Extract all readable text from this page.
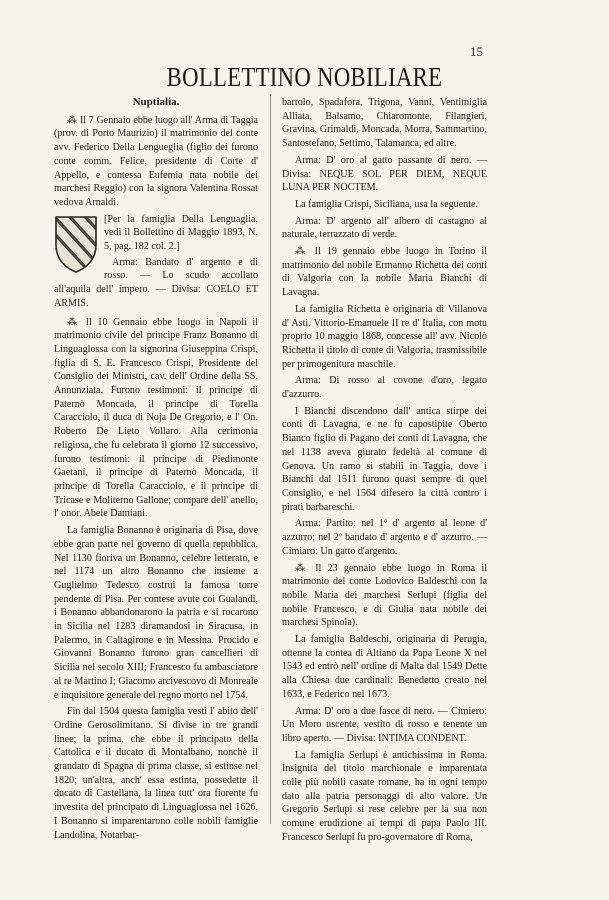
15
BOLLETTINO NOBILIARE
Nuptialia.

⁂ Il 7 Gennaio ebbe luogo all' Arma di Taggia (prov. di Porto Maurizio) il matrimonio del conte avv. Federico Della Lengueglia (figlio dei furono conte comm. Felice, presidente di Corte d' Appello, e contessa Eufemia nata nobile dei marchesi Reggio) con la signora Valentina Rossat vedova Arnaldi.

[Per la famiglia Della Lenguaglia, vedi il Bollettino di Maggio 1893, N. 5, pag. 182 col. 2.]

Arma: Bandato d' argento e di rosso. — Lo scudo accollato all'aquila dell' impero. — Divisa: COELO ET ARMIS.

⁂ Il 10 Gennaio ebbe luogo in Napoli il matrimonio civile del principe Franz Bonanno di Linguaglossa con la signorina Giuseppina Crispi, figlia di S. E. Francesco Crispi, Presidente del Consiglio dei Ministri, cav. dell' Ordine della SS. Annunziata. Furono testimoni: il principe di Paternò Moncada, il principe di Torella Caracciolo, il duca di Noja De Gregorio, e l' On. Roberto De Lieto Vollaro. Alla cerimonia religiosa, che fu celebrata il giorno 12 successivo, furono testimoni: il principe di Piedimonte Gaetani, il principe di Paternò Moncada, il principe di Torella Caracciolo, e il principe di Tricase e Moliterno Gallone; compare dell' anello, l' onor. Abele Damiani.

La famiglia Bonanno è originaria di Pisa, dove ebbe gran parte nel governo di quella repubblica. Nel 1130 fioriva un Bonanno, celebre letterato, e nel 1174 un altro Bonanno che insieme a Guglielmo Tedesco costruì la famosa torre pendente di Pisa. Per contese avute coi Gualandi, i Bonanno abbandonarono la patria e si rocarono in Sicilia nel 1283 diramandosi in Siracusa, in Palermo, in Caltagirone e in Messina. Procido e Giovanni Bonanno furono gran cancellieri di Sicilia nel secolo XIII; Francesco fu ambasciatore al re Martino I; Giacomo arcivescovo di Monreale e inquisitore generale del regno morto nel 1754.

Fin dal 1504 questa famiglia vestì l' abito dell' Ordine Gerosolimitano. Si divise in tre grandi linee; la prima, che ebbe il principato della Cattolica e il ducato di Montalbano, nonchè il grandato di Spagna di prima classe, si estinse nel 1820; un'altra, anch' essa estinta, possedette il ducato di Castellana, la linea tutt' ora fiorente fu investita del principato di Linguaglossa nel 1626. I Bonanno si imparentarono colle nobili famiglie Landolina, Notarbar-

bartolo, Spadafora, Trigona, Vanni, Ventimiglia Alliata, Balsamo, Chiaromonte, Filangieri, Gravina, Grimaldi, Moncada, Morra, Sammartino, Santostefano, Settimo, Talamanca, ed altre.

Arma: D' oro al gatto passante di nero. — Divisa: NEQUE SOL PER DIEM, NEQUE LUNA PER NOCTEM.

La famiglia Crispi, Siciliana, usa la seguente.

Arma: D' argento all' albero di castagno al naturale, terrazzato di verde.

⁂ Il 19 gennaio ebbe luogo in Torino il matrimonio del nobile Ermanno Richetta dei conti di Valgoria con la nobile Maria Bianchi di Lavagna.

La famiglia Richetta è originaria di Villanova d' Asti. Vittorio-Emanuele II re d' Italia, con motu proprio 10 maggio 1868, concesse all' avv. Nicolò Richetta il titolo di conte di Valgoria, trasmissibile per primogenitura maschile.

Arma: Di rosso al covone d'oro, legato d'azzurro.

I Bianchi discendono dall' antica stirpe dei conti di Lavagna, e ne fu capostipite Oberto Bianco figlio di Pagano dei conti di Lavagna, che nel 1138 aveva giurato fedeltà al comune di Genova. Un ramo si stabilì in Taggia, dove i Bianchi dal 1511 furono quasi sempre di quel Consiglio, e nel 1564 difesero la città contro i pirati barbareschi.

Arma: Partito: nel 1º d' argento al leone d' azzurro; nel 2º bandato d' argento e d' azzurro. — Cimiaro: Un gatto d'argento.

⁂ Il 23 gennaio ebbe luogo in Roma il matrimonio del conte Lodovico Baldeschi con la nobile Maria dei marchesi Serlupi (figlia del nobile Francesco, e di Giulia nata nobile dei marchesi Spinola).

La famiglia Baldeschi, originaria di Perugia, ottenne la contea di Altiano da Papa Leone X nel 1543 ed entrò nell' ordine di Malta dal 1549 Dette alla Chiesa due cardinali: Benedetto creato nel 1633, e Federico nel 1673.

Arma: D' oro a due fasce di nero. — Cimiero: Un Moro uscente, vestito di rosso e tenente un libro aperto. — Divisa: INTIMA CONDENT.

La famiglia Serlupi è antichissima in Roma. Insignita del titolo marchionale e imparentata colle più nobili casate romane, ha in ogni tempo dato alla patria personaggi di alto valore. Un Gregorio Serlupi si rese celebre per la sua non comune erudizione ai tempi di papa Paolo III. Francesco Serlupi fu pro-governatore di Roma,
